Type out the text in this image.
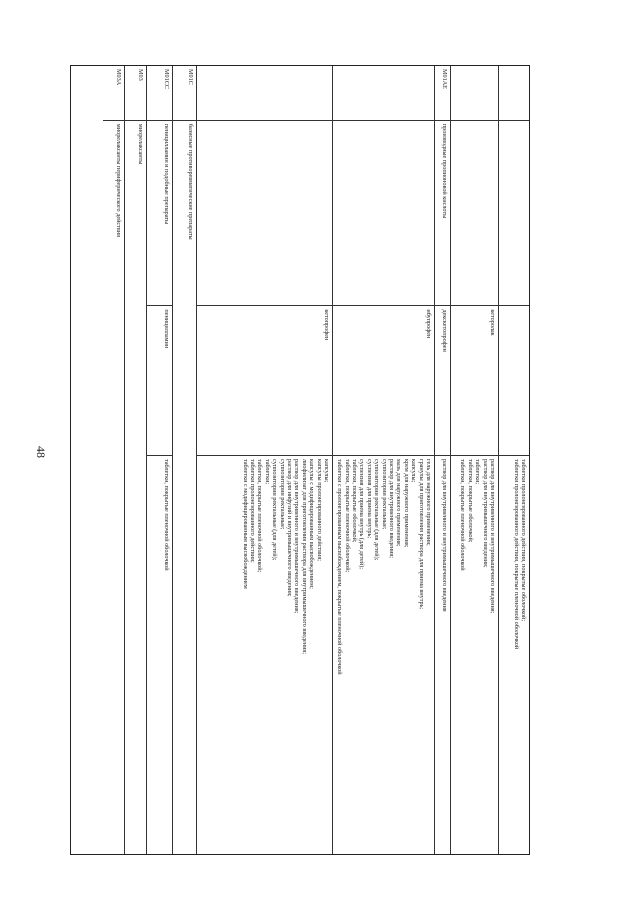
48
таблетки пролонгированного действия, покрытые оболочкой;
таблетки пролонгированного действия, покрытые пленочной оболочкой
кеторолак
раствор для внутривенного и внутримышечного введения;
раствор для внутримышечного введения;
таблетки;
таблетки, покрытые оболочкой;
таблетки, покрытые пленочной оболочкой
M01AE
производные пропионовой кислоты
декскетопрофен
раствор для внутривенного и внутримышечного введения
ибупрофен
гель для наружного применения;
гранулы для приготовления раствора для приема внутрь;
капсулы;
крем для наружного применения;
мазь для наружного применения;
раствор для внутривенного введения;
суппозитории ректальные;
суппозитории ректальные (для детей);
суспензия для приема внутрь;
суспензия для приема внутрь (для детей);
таблетки, покрытые оболочкой;
таблетки, покрытые пленочной оболочкой;
таблетки с пролонгированным высвобождением, покрытые пленочной оболочкой
кетопрофен
капсулы;
капсулы пролонгированного действия;
капсулы с модифицированным высвобождением;
лиофилизат для приготовления раствора для внутримышечного введения;
раствор для внутривенного и внутримышечного введения;
раствор для инфузий и внутримышечного введения;
суппозитории ректальные;
суппозитории ректальные (для детей);
таблетки;
таблетки, покрытые пленочной оболочкой;
таблетки пролонгированного действия;
таблетки с модифицированным высвобождением
M01C
базисные противоревматические препараты
M01CC
пеницилламин и подобные препараты
пеницилламин
таблетки, покрытые пленочной оболочкой
M03
миорелаксанты
M03A
миорелаксанты периферического действия
